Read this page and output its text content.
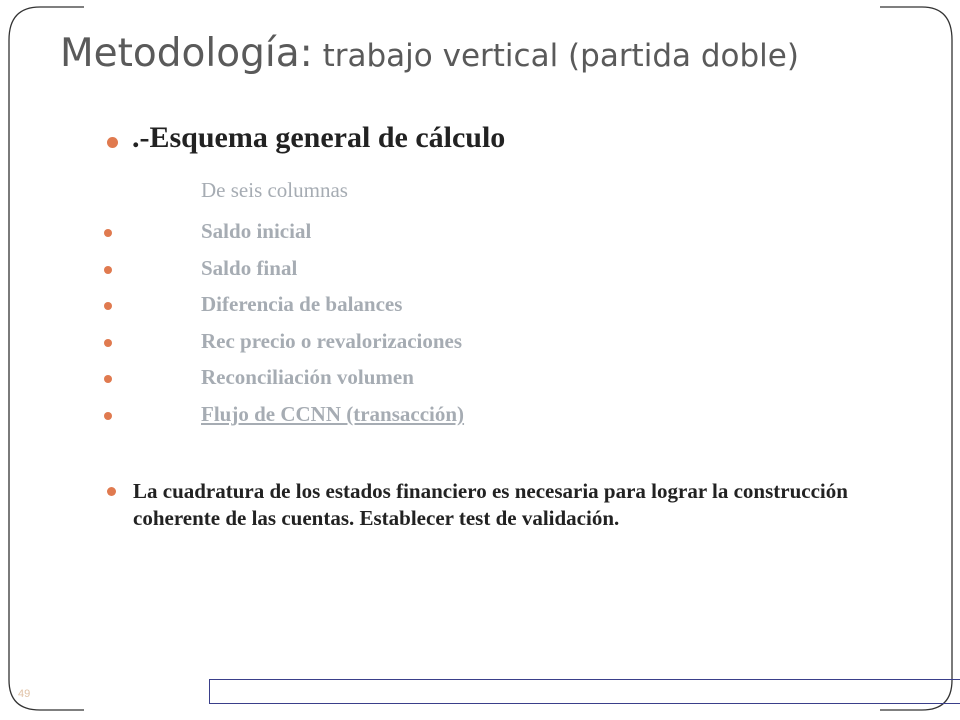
Metodología: trabajo vertical (partida doble)
.-Esquema general de cálculo
De seis columnas
Saldo inicial
Saldo final
Diferencia de balances
Rec precio o revalorizaciones
Reconciliación volumen
Flujo de CCNN (transacción)
La cuadratura de los estados financiero es necesaria para lograr la construcción coherente de las cuentas. Establecer test de validación.
49
